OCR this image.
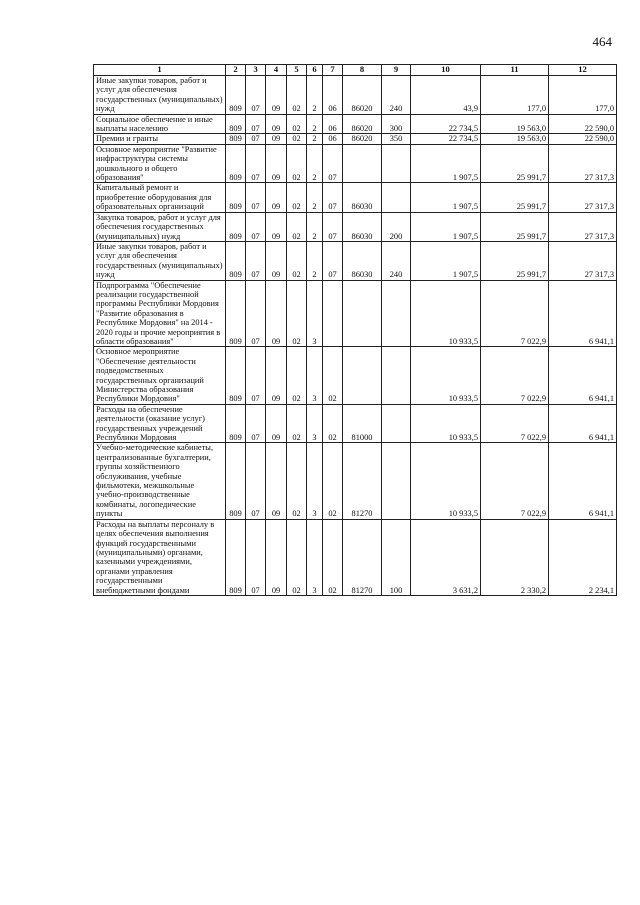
464
1	2	3	4	5	6	7	8	9	10	11	12
Иные закупки товаров, работ и услуг для обеспечения государственных (муниципальных) нужд	809	07	09	02	2	06	86020	240	43,9	177,0	177,0
Социальное обеспечение и иные выплаты населению	809	07	09	02	2	06	86020	300	22 734,5	19 563,0	22 590,0
Премии и гранты	809	07	09	02	2	06	86020	350	22 734,5	19 563,0	22 590,0
Основное мероприятие "Развитие инфраструктуры системы дошкольного и общего образования"	809	07	09	02	2	07			1 907,5	25 991,7	27 317,3
Капитальный ремонт и приобретение оборудования для образовательных организаций	809	07	09	02	2	07	86030		1 907,5	25 991,7	27 317,3
Закупка товаров, работ и услуг для обеспечения государственных (муниципальных) нужд	809	07	09	02	2	07	86030	200	1 907,5	25 991,7	27 317,3
Иные закупки товаров, работ и услуг для обеспечения государственных (муниципальных) нужд	809	07	09	02	2	07	86030	240	1 907,5	25 991,7	27 317,3
Подпрограмма "Обеспечение реализации государственной программы Республики Мордовия "Развитие образования в Республике Мордовия" на 2014 - 2020 годы и прочие мероприятия в области образования"	809	07	09	02	3				10 933,5	7 022,9	6 941,1
Основное мероприятие "Обеспечение деятельности подведомственных государственных организаций Министерства образования Республики Мордовия"	809	07	09	02	3	02			10 933,5	7 022,9	6 941,1
Расходы на обеспечение деятельности (оказание услуг) государственных учреждений Республики Мордовия	809	07	09	02	3	02	81000		10 933,5	7 022,9	6 941,1
Учебно-методические кабинеты, централизованные бухгалтерии, группы хозяйственного обслуживания, учебные фильмотеки, межшкольные учебно-производственные комбинаты, логопедические пункты	809	07	09	02	3	02	81270		10 933,5	7 022,9	6 941,1
Расходы на выплаты персоналу в целях обеспечения выполнения функций государственными (муниципальными) органами, казенными учреждениями, органами управления государственными внебюджетными фондами	809	07	09	02	3	02	81270	100	3 631,2	2 330,2	2 234,1
